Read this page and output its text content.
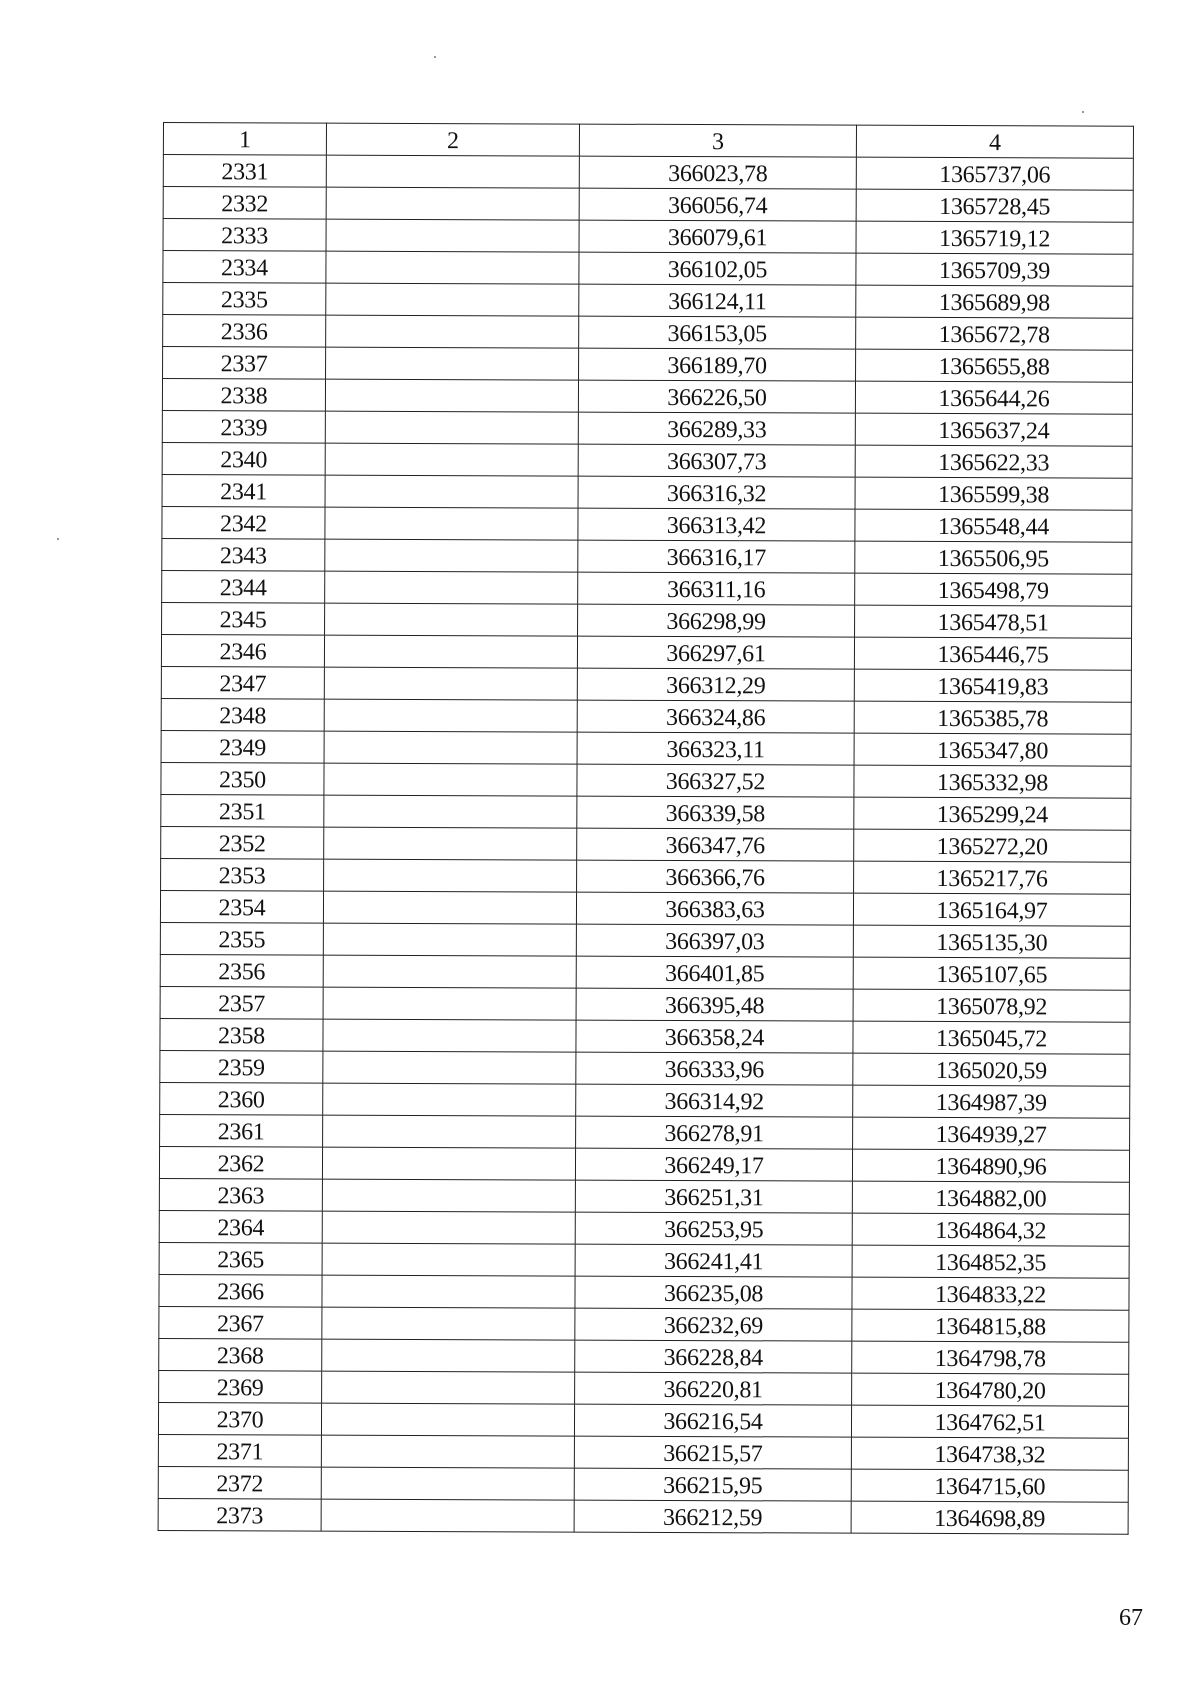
1	2	3	4
2331		366023,78	1365737,06
2332		366056,74	1365728,45
2333		366079,61	1365719,12
2334		366102,05	1365709,39
2335		366124,11	1365689,98
2336		366153,05	1365672,78
2337		366189,70	1365655,88
2338		366226,50	1365644,26
2339		366289,33	1365637,24
2340		366307,73	1365622,33
2341		366316,32	1365599,38
2342		366313,42	1365548,44
2343		366316,17	1365506,95
2344		366311,16	1365498,79
2345		366298,99	1365478,51
2346		366297,61	1365446,75
2347		366312,29	1365419,83
2348		366324,86	1365385,78
2349		366323,11	1365347,80
2350		366327,52	1365332,98
2351		366339,58	1365299,24
2352		366347,76	1365272,20
2353		366366,76	1365217,76
2354		366383,63	1365164,97
2355		366397,03	1365135,30
2356		366401,85	1365107,65
2357		366395,48	1365078,92
2358		366358,24	1365045,72
2359		366333,96	1365020,59
2360		366314,92	1364987,39
2361		366278,91	1364939,27
2362		366249,17	1364890,96
2363		366251,31	1364882,00
2364		366253,95	1364864,32
2365		366241,41	1364852,35
2366		366235,08	1364833,22
2367		366232,69	1364815,88
2368		366228,84	1364798,78
2369		366220,81	1364780,20
2370		366216,54	1364762,51
2371		366215,57	1364738,32
2372		366215,95	1364715,60
2373		366212,59	1364698,89
67
